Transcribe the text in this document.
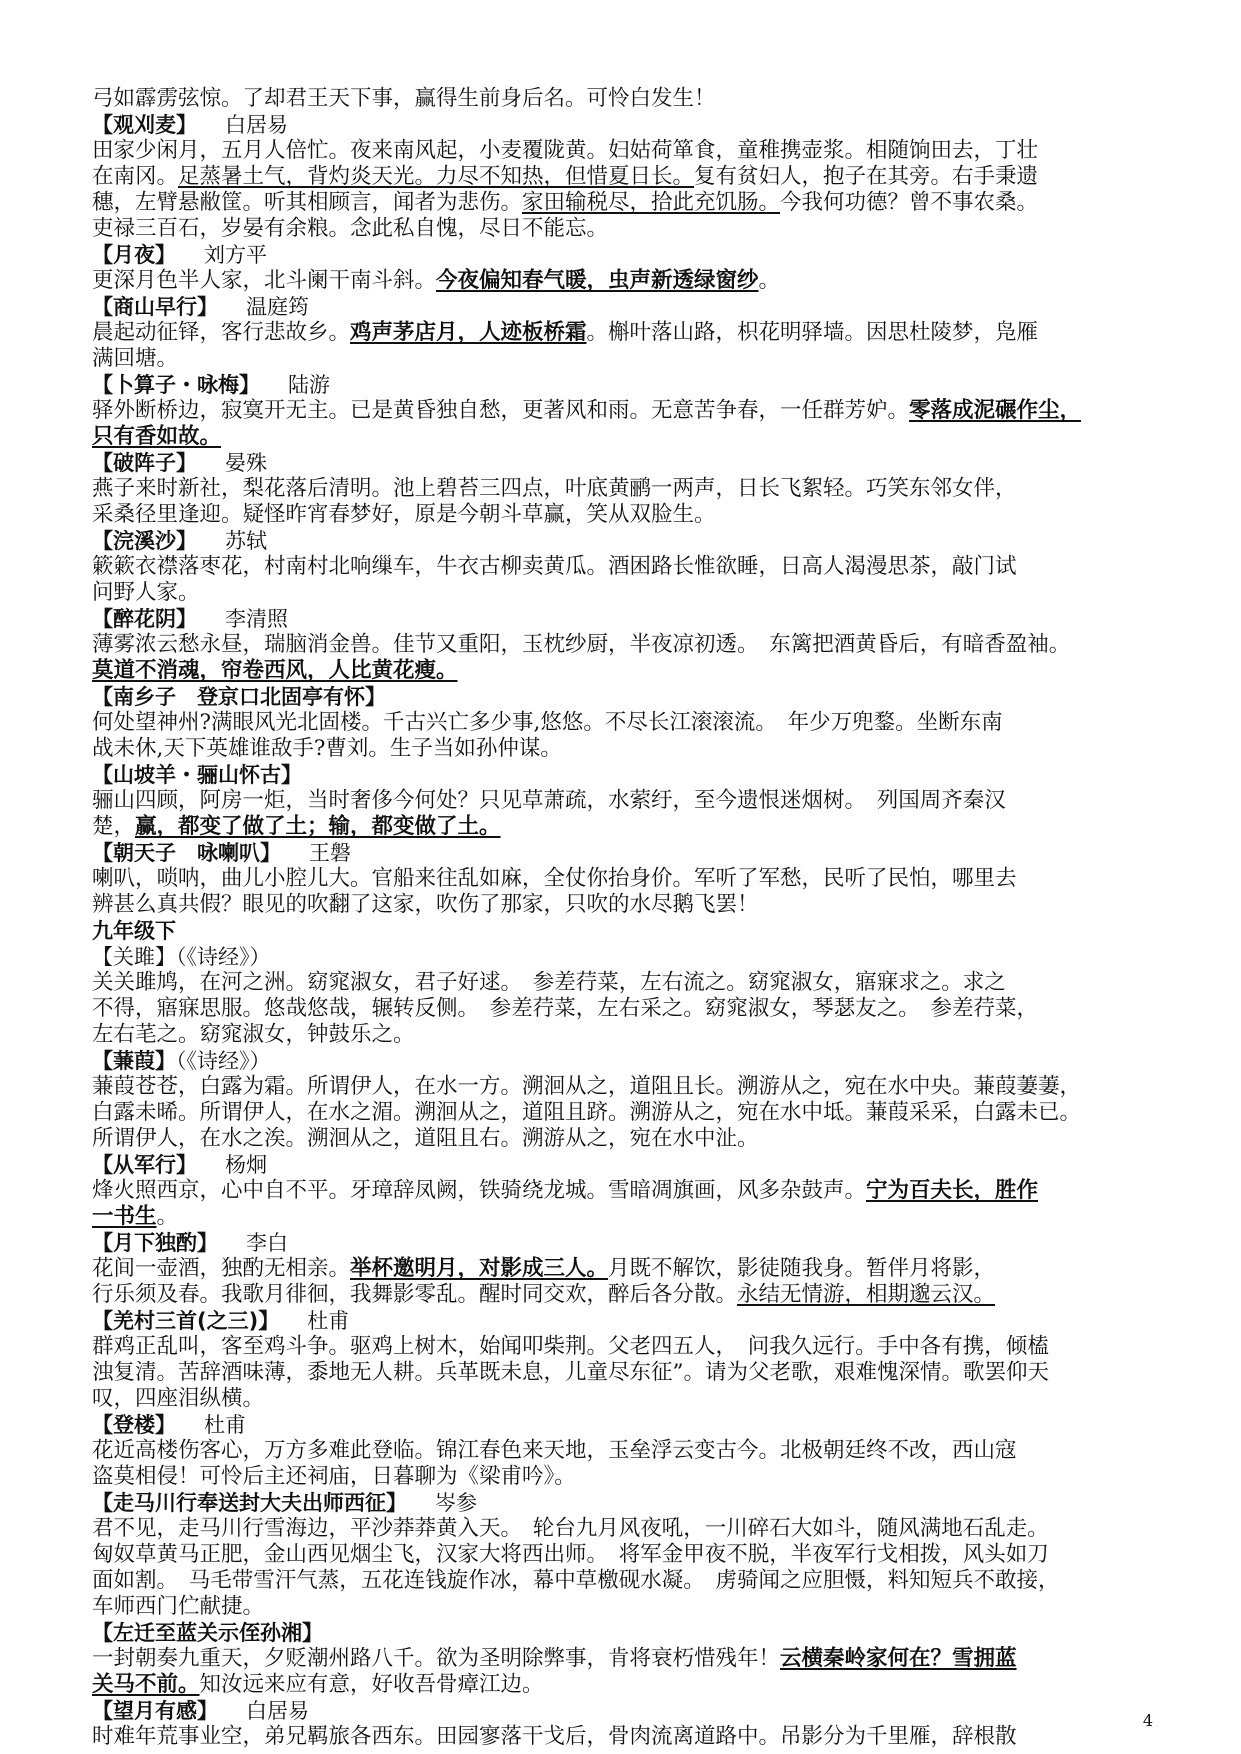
弓如霹雳弦惊。了却君王天下事，赢得生前身后名。可怜白发生！
【观刈麦】 白居易
田家少闲月，五月人倍忙。夜来南风起，小麦覆陇黄。妇姑荷箪食，童稚携壶浆。相随饷田去，丁壮
在南冈。足蒸暑土气，背灼炎天光。力尽不知热，但惜夏日长。复有贫妇人，抱子在其旁。右手秉遗
穗，左臂悬敝筐。听其相顾言，闻者为悲伤。家田输税尽，拾此充饥肠。今我何功德？曾不事农桑。
吏禄三百石，岁晏有余粮。念此私自愧，尽日不能忘。
【月夜】 刘方平
更深月色半人家，北斗阑干南斗斜。今夜偏知春气暖，虫声新透绿窗纱。
【商山早行】 温庭筠
晨起动征铎，客行悲故乡。鸡声茅店月，人迹板桥霜。槲叶落山路，枳花明驿墙。因思杜陵梦，凫雁
满回塘。
【卜算子・咏梅】 陆游
驿外断桥边，寂寞开无主。已是黄昏独自愁，更著风和雨。无意苦争春，一任群芳妒。零落成泥碾作尘，
只有香如故。
【破阵子】 晏殊
燕子来时新社，梨花落后清明。池上碧苔三四点，叶底黄鹂一两声，日长飞絮轻。巧笑东邻女伴，
采桑径里逢迎。疑怪昨宵春梦好，原是今朝斗草赢，笑从双脸生。
【浣溪沙】 苏轼
簌簌衣襟落枣花，村南村北响缫车，牛衣古柳卖黄瓜。酒困路长惟欲睡，日高人渴漫思茶，敲门试
问野人家。
【醉花阴】 李清照
薄雾浓云愁永昼，瑞脑消金兽。佳节又重阳，玉枕纱厨，半夜凉初透。　东篱把酒黄昏后，有暗香盈袖。
莫道不消魂，帘卷西风，人比黄花瘦。
【南乡子　登京口北固亭有怀】
何处望神州?满眼风光北固楼。千古兴亡多少事,悠悠。不尽长江滚滚流。　年少万兜鍪。坐断东南
战未休,天下英雄谁敌手?曹刘。生子当如孙仲谋。
【山坡羊・骊山怀古】
骊山四顾，阿房一炬，当时奢侈今何处？只见草萧疏，水萦纡，至今遗恨迷烟树。　列国周齐秦汉
楚，赢，都变了做了土；输，都变做了土。
【朝天子　咏喇叭】 王磐
喇叭，唢呐，曲儿小腔儿大。官船来往乱如麻，全仗你抬身价。军听了军愁，民听了民怕，哪里去
辨甚么真共假？眼见的吹翻了这家，吹伤了那家，只吹的水尽鹅飞罢！
九年级下
【关雎】（《诗经》）
关关雎鸠，在河之洲。窈窕淑女，君子好逑。　参差荇菜，左右流之。窈窕淑女，寤寐求之。求之
不得，寤寐思服。悠哉悠哉，辗转反侧。　参差荇菜，左右采之。窈窕淑女，琴瑟友之。　参差荇菜，
左右芼之。窈窕淑女，钟鼓乐之。
【蒹葭】（《诗经》）
蒹葭苍苍，白露为霜。所谓伊人，在水一方。溯洄从之，道阻且长。溯游从之，宛在水中央。蒹葭萋萋，
白露未晞。所谓伊人，在水之湄。溯洄从之，道阻且跻。溯游从之，宛在水中坻。蒹葭采采，白露未已。
所谓伊人，在水之涘。溯洄从之，道阻且右。溯游从之，宛在水中沚。
【从军行】 杨炯
烽火照西京，心中自不平。牙璋辞凤阙，铁骑绕龙城。雪暗凋旗画，风多杂鼓声。宁为百夫长，胜作
一书生。
【月下独酌】 李白
花间一壶酒，独酌无相亲。举杯邀明月，对影成三人。月既不解饮，影徒随我身。暂伴月将影，
行乐须及春。我歌月徘徊，我舞影零乱。醒时同交欢，醉后各分散。永结无情游，相期邈云汉。
【羌村三首(之三)】 杜甫
群鸡正乱叫，客至鸡斗争。驱鸡上树木，始闻叩柴荆。父老四五人，　问我久远行。手中各有携，倾榼
浊复清。苦辞酒味薄，黍地无人耕。兵革既未息，儿童尽东征”。请为父老歌，艰难愧深情。歌罢仰天
叹，四座泪纵横。
【登楼】 杜甫
花近高楼伤客心，万方多难此登临。锦江春色来天地，玉垒浮云变古今。北极朝廷终不改，西山寇
盗莫相侵！可怜后主还祠庙，日暮聊为《梁甫吟》。
【走马川行奉送封大夫出师西征】 岑参
君不见，走马川行雪海边，平沙莽莽黄入天。　轮台九月风夜吼，一川碎石大如斗，随风满地石乱走。
匈奴草黄马正肥，金山西见烟尘飞，汉家大将西出师。　将军金甲夜不脱，半夜军行戈相拨，风头如刀
面如割。　马毛带雪汗气蒸，五花连钱旋作冰，幕中草檄砚水凝。　虏骑闻之应胆慑，料知短兵不敢接，
车师西门伫献捷。
【左迁至蓝关示侄孙湘】
一封朝奏九重天，夕贬潮州路八千。欲为圣明除弊事，肯将衰朽惜残年！云横秦岭家何在？雪拥蓝
关马不前。知汝远来应有意，好收吾骨瘴江边。
【望月有感】 白居易
时难年荒事业空，弟兄羁旅各西东。田园寥落干戈后，骨肉流离道路中。吊影分为千里雁，辞根散
4
